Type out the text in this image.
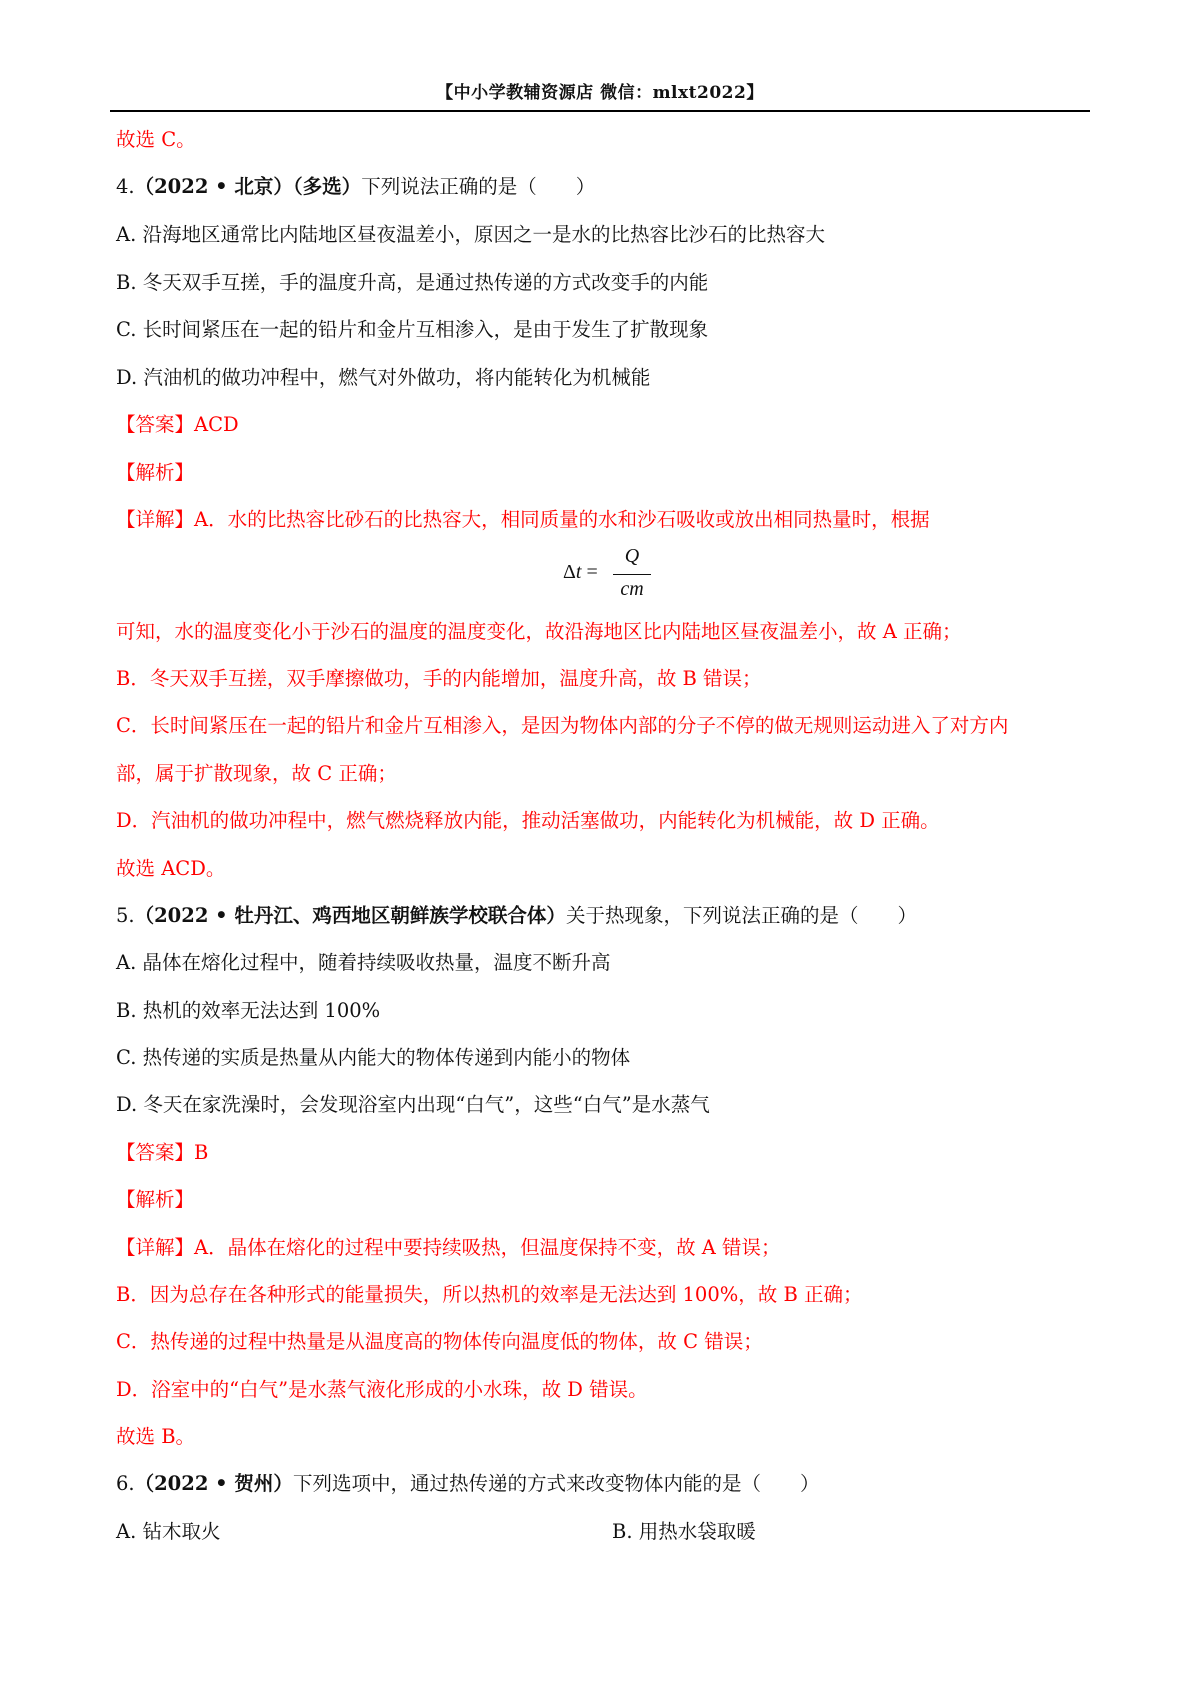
【中小学教辅资源店 微信：mlxt2022】
故选 C。
4.（2022 • 北京）（多选）下列说法正确的是（　　）
A. 沿海地区通常比内陆地区昼夜温差小，原因之一是水的比热容比沙石的比热容大
B. 冬天双手互搓，手的温度升高，是通过热传递的方式改变手的内能
C. 长时间紧压在一起的铅片和金片互相渗入，是由于发生了扩散现象
D. 汽油机的做功冲程中，燃气对外做功，将内能转化为机械能
【答案】ACD
【解析】
【详解】A．水的比热容比砂石的比热容大，相同质量的水和沙石吸收或放出相同热量时，根据
Δt =
Q
cm
可知，水的温度变化小于沙石的温度的温度变化，故沿海地区比内陆地区昼夜温差小，故 A 正确；
B．冬天双手互搓，双手摩擦做功，手的内能增加，温度升高，故 B 错误；
C．长时间紧压在一起的铅片和金片互相渗入，是因为物体内部的分子不停的做无规则运动进入了对方内
部，属于扩散现象，故 C 正确；
D．汽油机的做功冲程中，燃气燃烧释放内能，推动活塞做功，内能转化为机械能，故 D 正确。
故选 ACD。
5.（2022 • 牡丹江、鸡西地区朝鲜族学校联合体）关于热现象，下列说法正确的是（　　）
A. 晶体在熔化过程中，随着持续吸收热量，温度不断升高
B. 热机的效率无法达到 100%
C. 热传递的实质是热量从内能大的物体传递到内能小的物体
D. 冬天在家洗澡时，会发现浴室内出现“白气”，这些“白气”是水蒸气
【答案】B
【解析】
【详解】A．晶体在熔化的过程中要持续吸热，但温度保持不变，故 A 错误；
B．因为总存在各种形式的能量损失，所以热机的效率是无法达到 100%，故 B 正确；
C．热传递的过程中热量是从温度高的物体传向温度低的物体，故 C 错误；
D．浴室中的“白气”是水蒸气液化形成的小水珠，故 D 错误。
故选 B。
6.（2022 • 贺州）下列选项中，通过热传递的方式来改变物体内能的是（　　）
A. 钻木取火	B. 用热水袋取暖
